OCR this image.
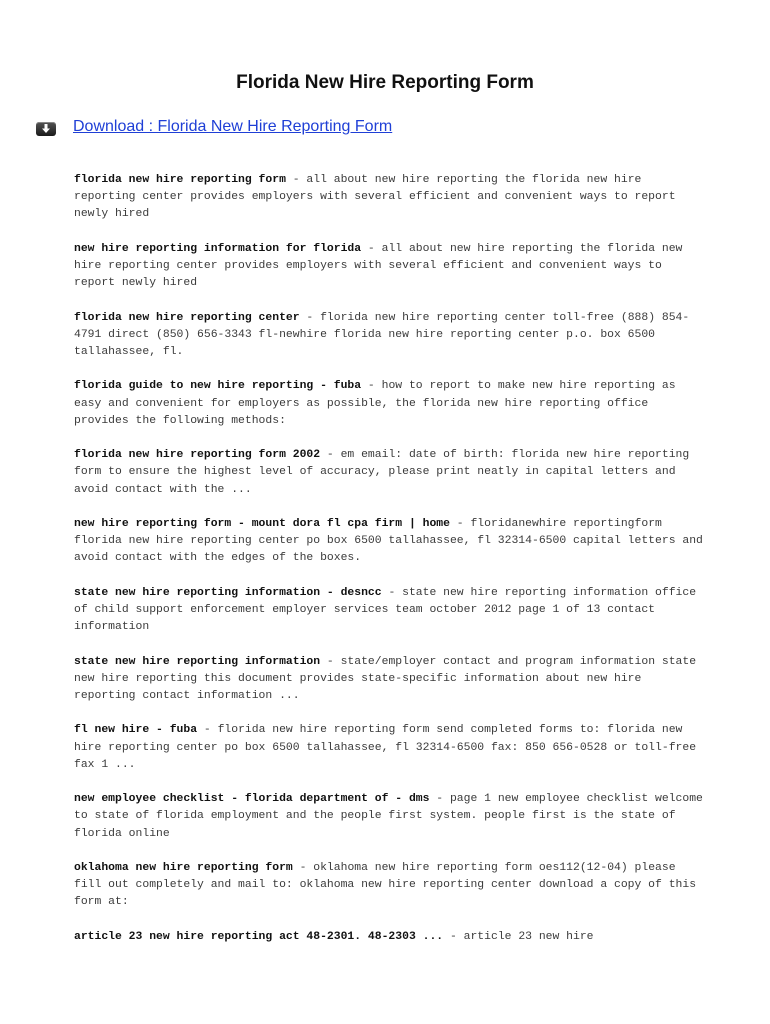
Florida New Hire Reporting Form
Download : Florida New Hire Reporting Form

florida new hire reporting form - all about new hire reporting the florida new hire reporting center provides employers with several efficient and convenient ways to report newly hired

new hire reporting information for florida - all about new hire reporting the florida new hire reporting center provides employers with several efficient and convenient ways to report newly hired

florida new hire reporting center - florida new hire reporting center toll-free (888) 854-4791 direct (850) 656-3343 fl-newhire florida new hire reporting center p.o. box 6500 tallahassee, fl.

florida guide to new hire reporting - fuba - how to report to make new hire reporting as easy and convenient for employers as possible, the florida new hire reporting office provides the following methods:

florida new hire reporting form 2002 - em email: date of birth: florida new hire reporting form to ensure the highest level of accuracy, please print neatly in capital letters and avoid contact with the ...

new hire reporting form - mount dora fl cpa firm | home - floridanewhire reportingform florida new hire reporting center po box 6500 tallahassee, fl 32314-6500 capital letters and avoid contact with the edges of the boxes.

state new hire reporting information - desncc - state new hire reporting information office of child support enforcement employer services team october 2012 page 1 of 13 contact information

state new hire reporting information - state/employer contact and program information state new hire reporting this document provides state-specific information about new hire reporting contact information ...

fl new hire - fuba - florida new hire reporting form send completed forms to: florida new hire reporting center po box 6500 tallahassee, fl 32314-6500 fax: 850 656-0528 or toll-free fax 1 ...

new employee checklist - florida department of - dms - page 1 new employee checklist welcome to state of florida employment and the people first system. people first is the state of florida online

oklahoma new hire reporting form - oklahoma new hire reporting form oes112(12-04) please fill out completely and mail to: oklahoma new hire reporting center download a copy of this form at:

article 23 new hire reporting act 48-2301. 48-2303 ... - article 23 new hire
